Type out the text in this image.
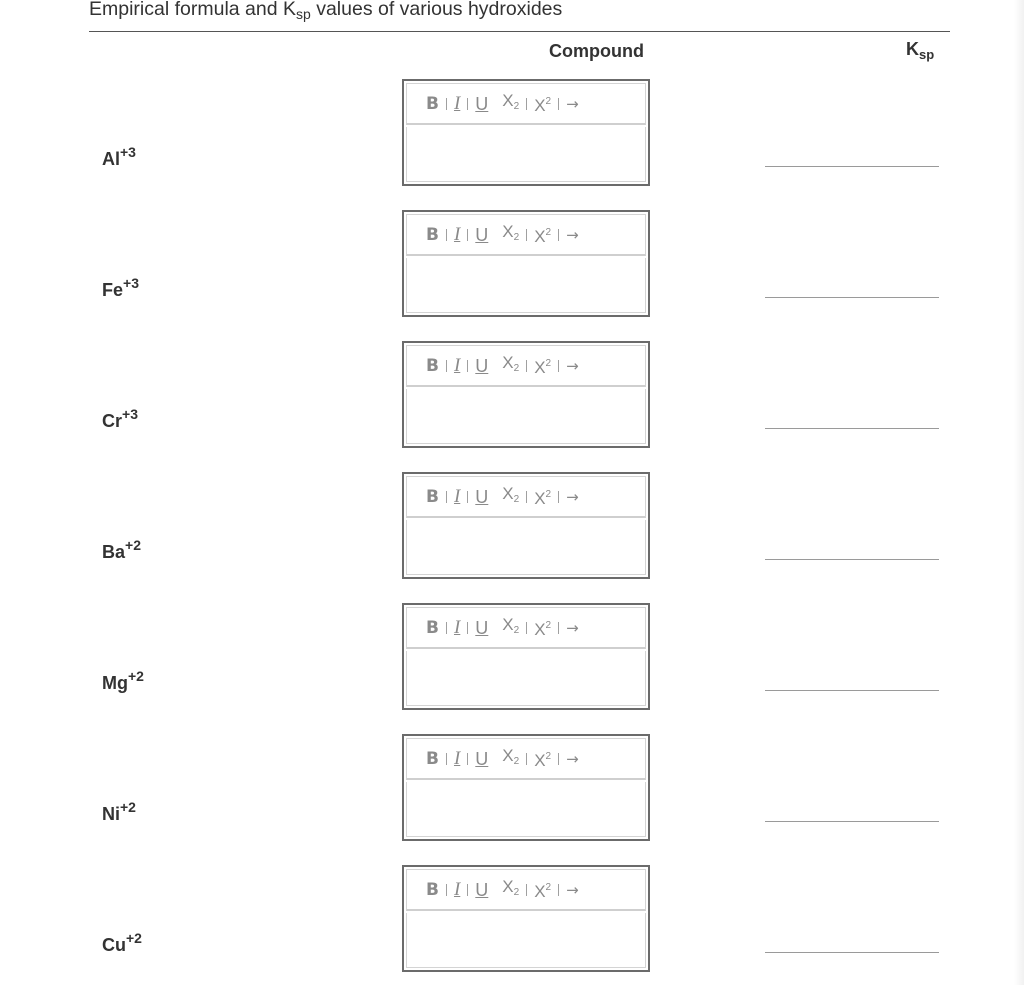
Empirical formula and $K_{sp}$ values of various hydroxides
Compound	$K_{sp}$
$Al^{+3}$
B I U X2 $X^2$ →
$Fe^{+3}$
B I U X2 $X^2$ →
$Cr^{+3}$
B I U X2 $X^2$ →
$Ba^{+2}$
B I U X2 $X^2$ →
$Mg^{+2}$
B I U X2 $X^2$ →
$Ni^{+2}$
B I U X2 $X^2$ →
$Cu^{+2}$
B I U X2 $X^2$ →
